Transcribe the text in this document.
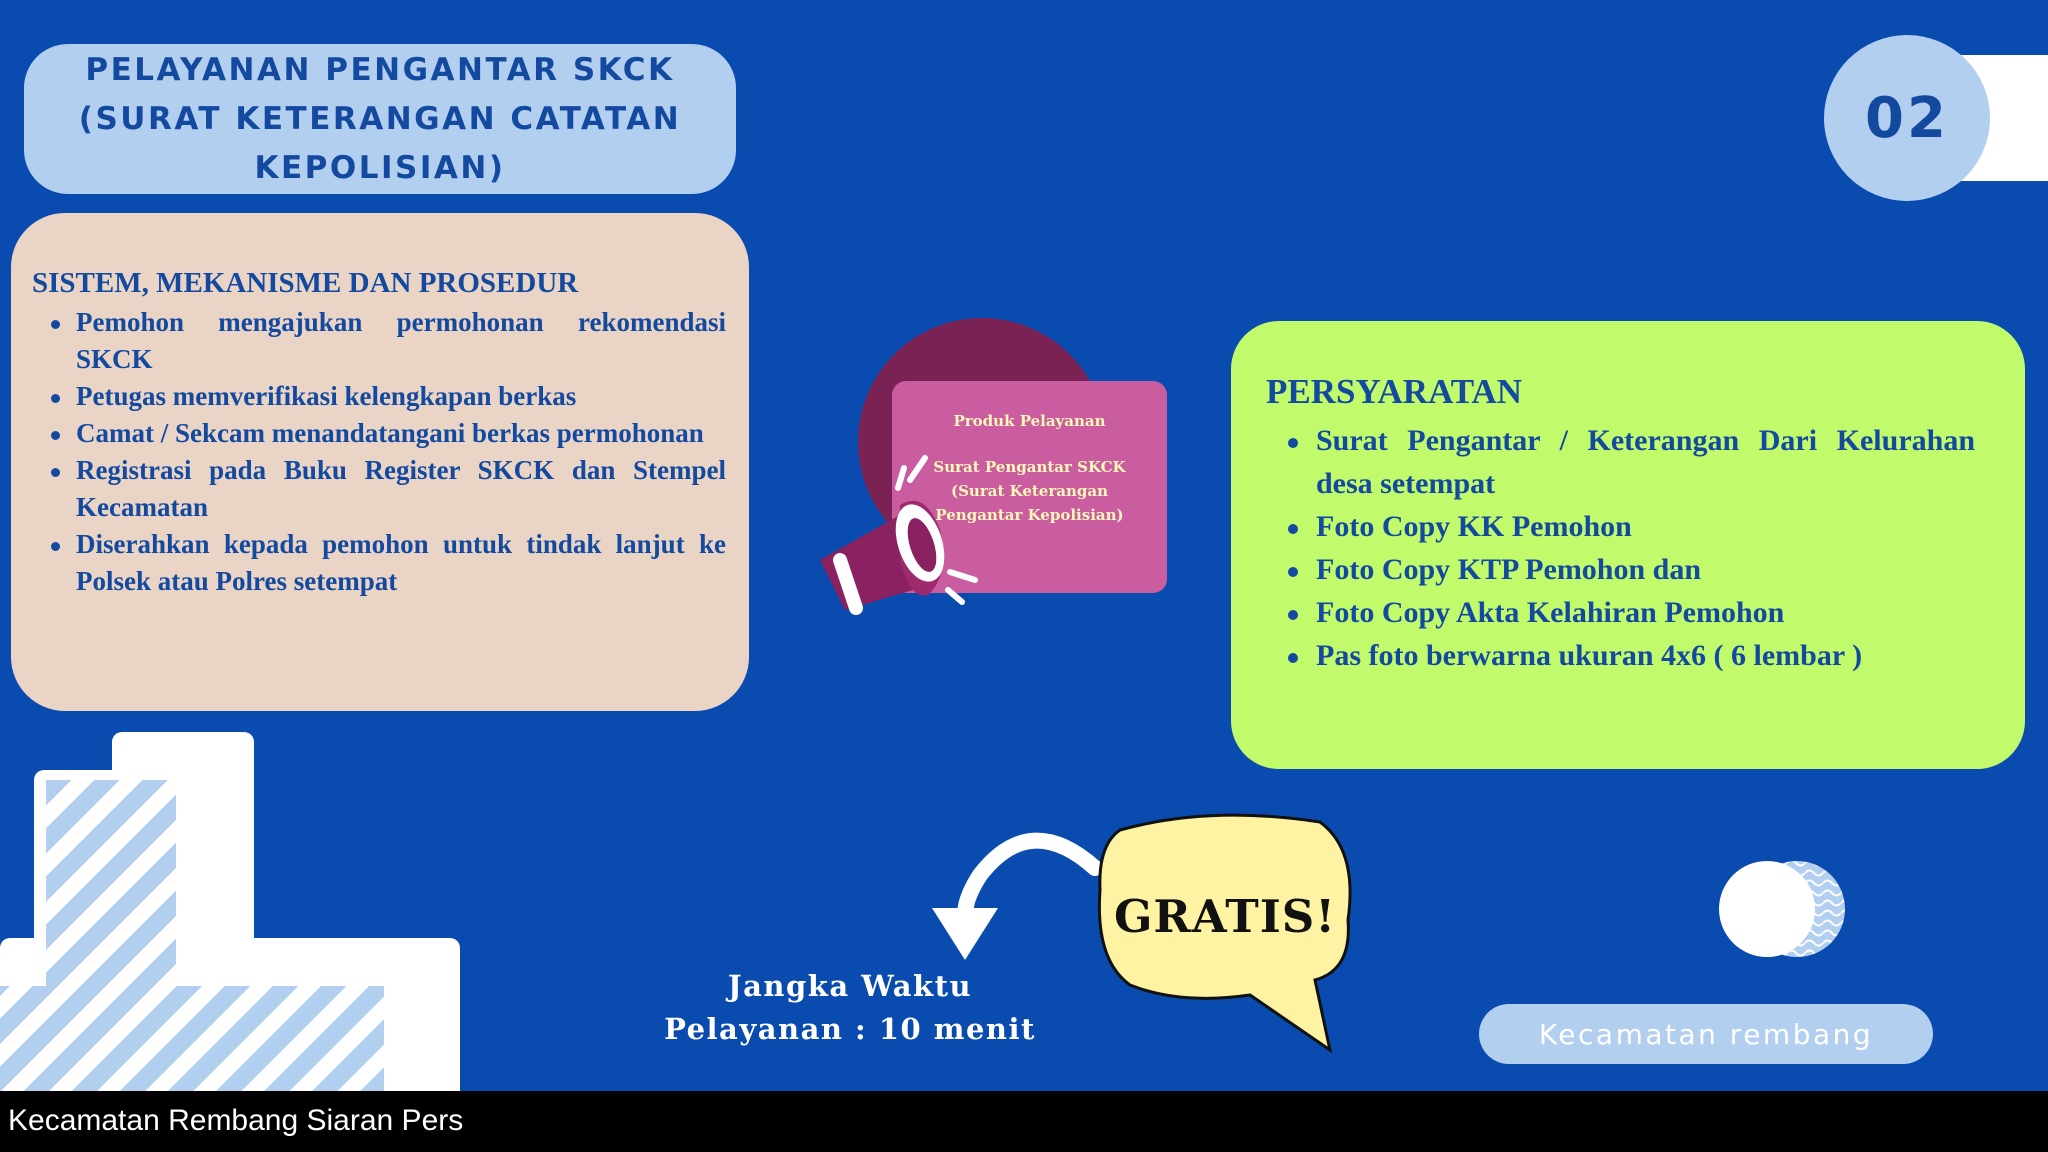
PELAYANAN PENGANTAR SKCK
(SURAT KETERANGAN CATATAN
KEPOLISIAN)
02
SISTEM, MEKANISME DAN PROSEDUR
Pemohon mengajukan permohonan rekomendasi SKCK
Petugas memverifikasi kelengkapan berkas
Camat / Sekcam menandatangani berkas permohonan
Registrasi pada Buku Register SKCK dan Stempel Kecamatan
Diserahkan kepada pemohon untuk tindak lanjut ke Polsek atau Polres setempat
Produk Pelayanan
Surat Pengantar SKCK
(Surat Keterangan
Pengantar Kepolisian)
PERSYARATAN
Surat Pengantar / Keterangan Dari Kelurahan desa setempat
Foto Copy KK Pemohon
Foto Copy KTP Pemohon dan
Foto Copy Akta Kelahiran Pemohon
Pas foto berwarna ukuran 4x6 ( 6 lembar )
Jangka Waktu
Pelayanan : 10 menit
GRATIS!
Kecamatan rembang
Kecamatan Rembang Siaran Pers
